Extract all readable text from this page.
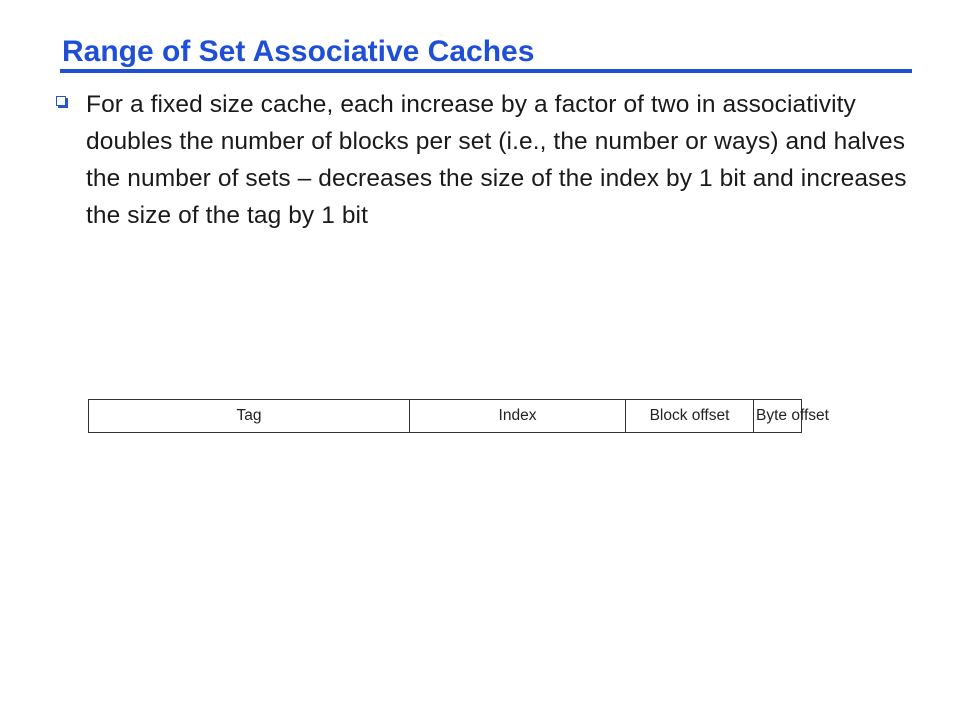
Range of Set Associative Caches

For a fixed size cache, each increase by a factor of two in associativity doubles the number of blocks per set (i.e., the number or ways) and halves the number of sets – decreases the size of the index by 1 bit and increases the size of the tag by 1 bit

Tag	Index	Block offset Byte offset
